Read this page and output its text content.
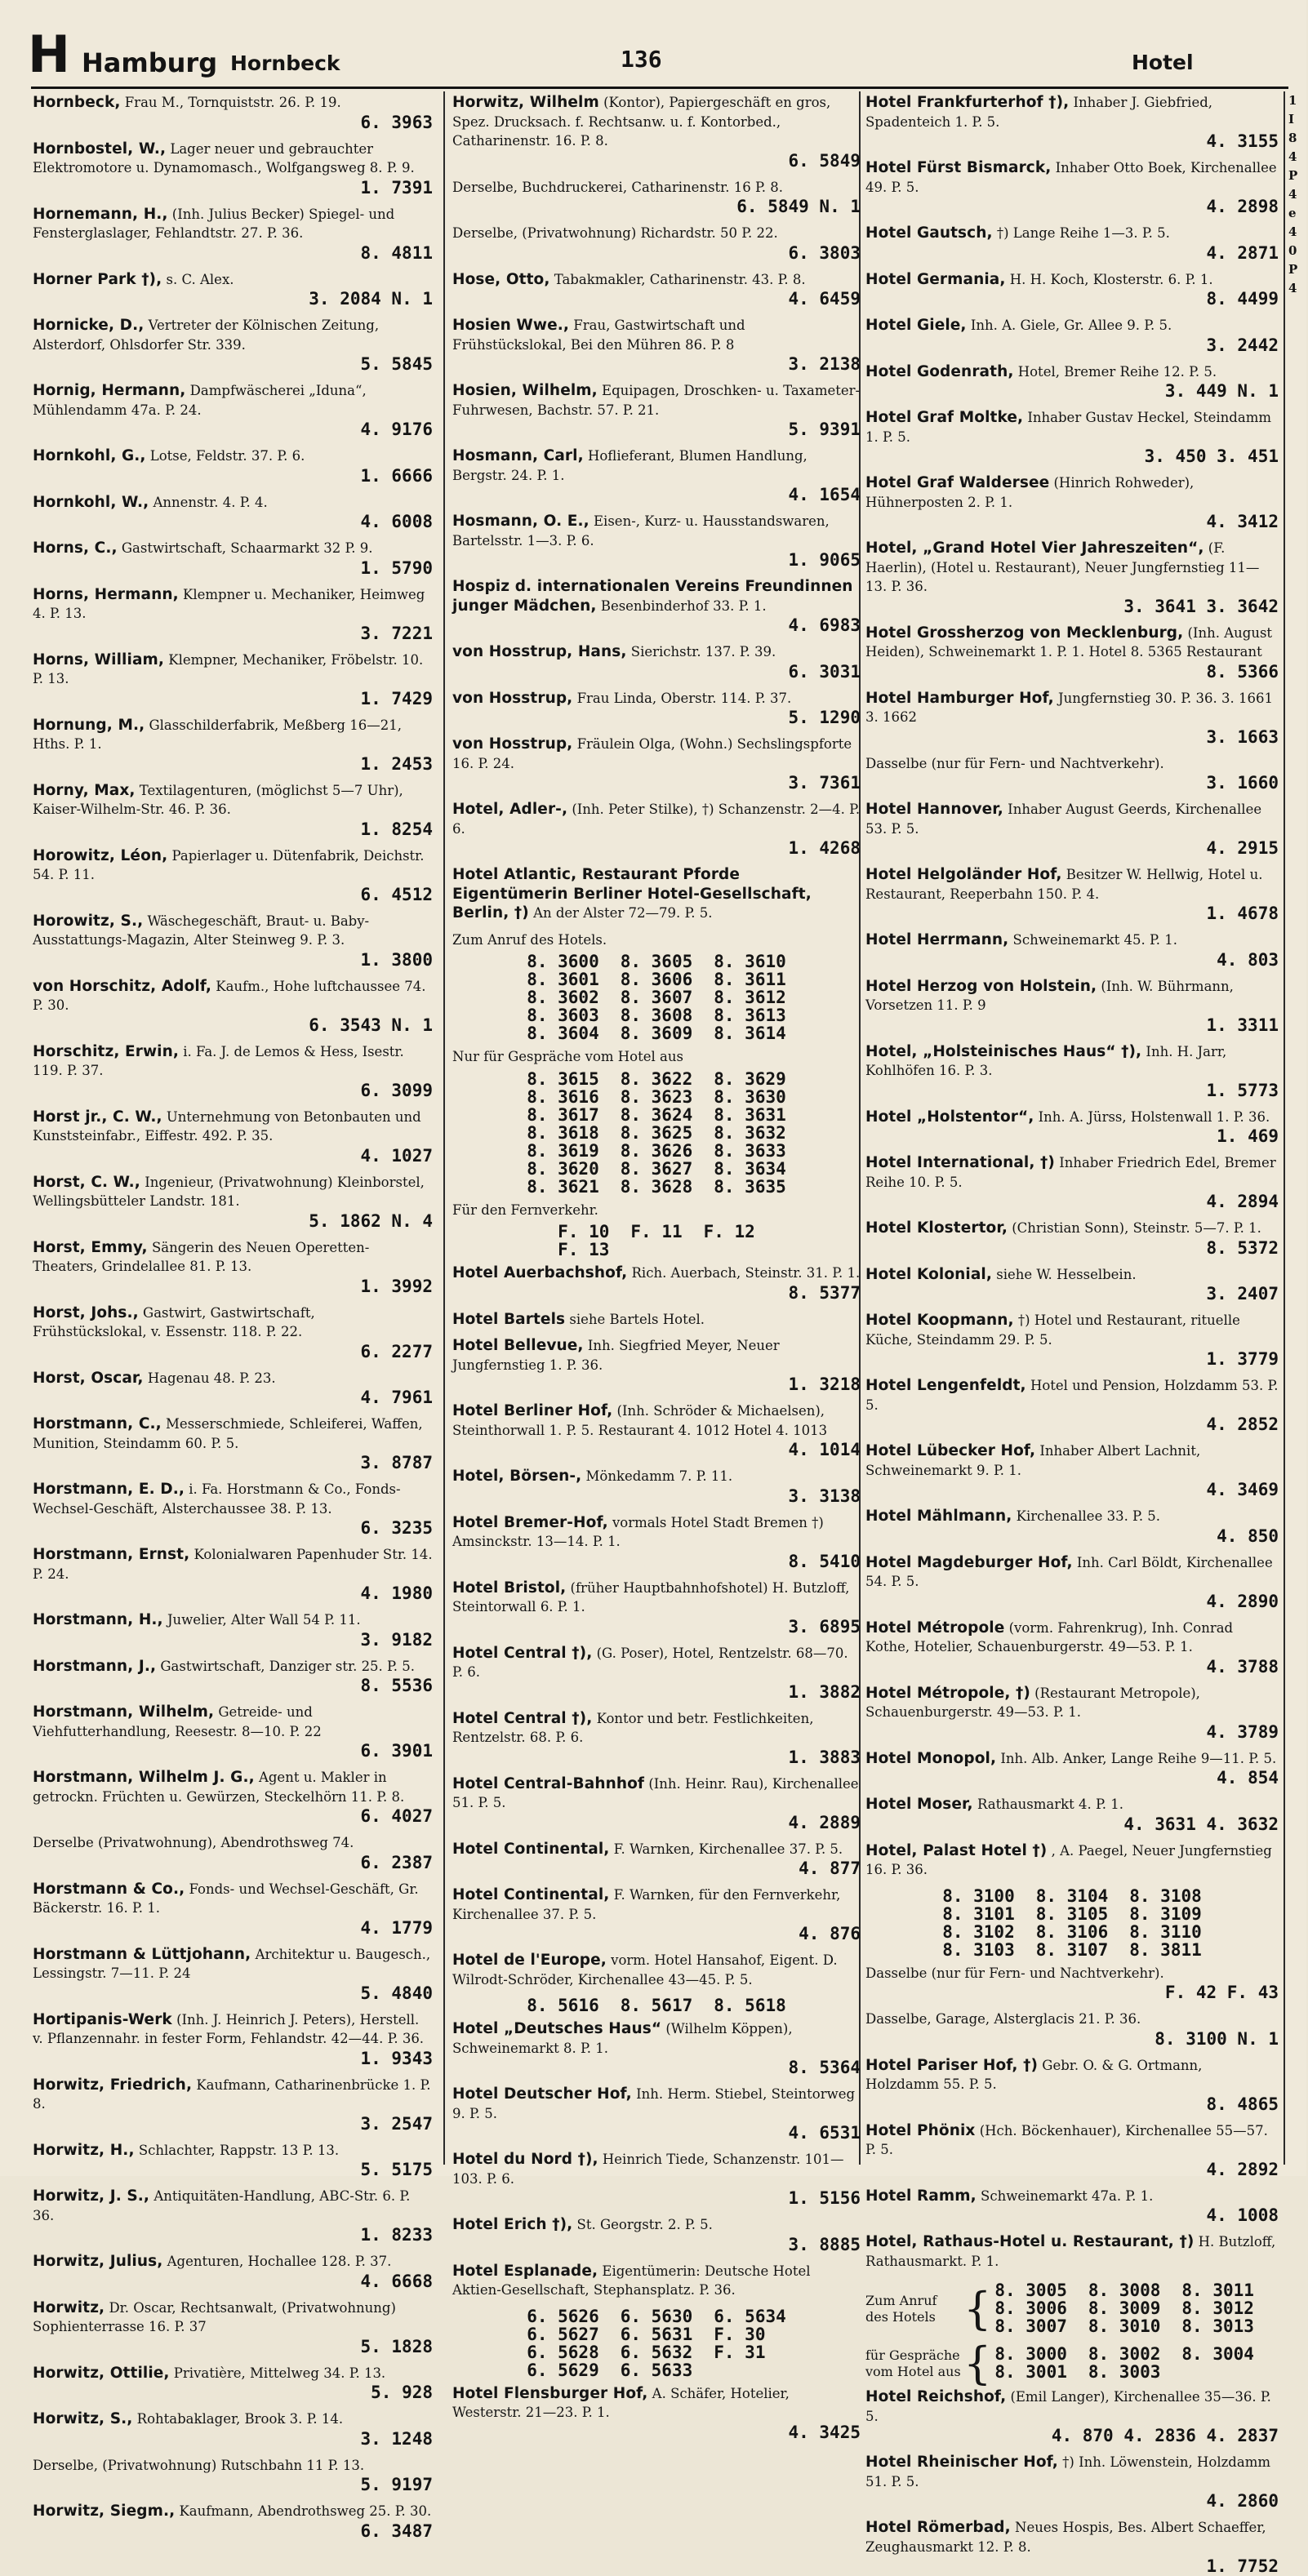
H Hamburg Hornbeck	136	Hotel

Hornbeck, Frau M., Tornquiststr. 26. P. 19.

6. 3963

Hornbostel, W., Lager neuer und gebrauchter Elektromotore u. Dynamomasch., Wolfgangsweg 8. P. 9.

1. 7391

Hornemann, H., (Inh. Julius Becker) Spiegel- und Fensterglaslager, Fehlandtstr. 27. P. 36.

8. 4811

Horner Park †), s. C. Alex.

3. 2084 N. 1

Hornicke, D., Vertreter der Kölnischen Zeitung, Alsterdorf, Ohlsdorfer Str. 339.

5. 5845

Hornig, Hermann, Dampfwäscherei „Iduna“, Mühlendamm 47a. P. 24.

4. 9176

Hornkohl, G., Lotse, Feldstr. 37. P. 6.

1. 6666

Hornkohl, W., Annenstr. 4. P. 4.

4. 6008

Horns, C., Gastwirtschaft, Schaarmarkt 32 P. 9.

1. 5790

Horns, Hermann, Klempner u. Mechaniker, Heimweg 4. P. 13.

3. 7221

Horns, William, Klempner, Mechaniker, Fröbelstr. 10. P. 13.

1. 7429

Hornung, M., Glasschilderfabrik, Meßberg 16—21, Hths. P. 1.

1. 2453

Horny, Max, Textilagenturen, (möglichst 5—7 Uhr), Kaiser-Wilhelm-Str. 46. P. 36.

1. 8254

Horowitz, Léon, Papierlager u. Dütenfabrik, Deichstr. 54. P. 11.

6. 4512

Horowitz, S., Wäschegeschäft, Braut- u. Baby-Ausstattungs-Magazin, Alter Steinweg 9. P. 3.

1. 3800

von Horschitz, Adolf, Kaufm., Hohe luftchaussee 74. P. 30.

6. 3543 N. 1

Horschitz, Erwin, i. Fa. J. de Lemos & Hess, Isestr. 119. P. 37.

6. 3099

Horst jr., C. W., Unternehmung von Betonbauten und Kunststeinfabr., Eiffestr. 492. P. 35.

4. 1027

Horst, C. W., Ingenieur, (Privatwohnung) Kleinborstel, Wellingsbütteler Landstr. 181.

5. 1862 N. 4

Horst, Emmy, Sängerin des Neuen Operetten-Theaters, Grindelallee 81. P. 13.

1. 3992

Horst, Johs., Gastwirt, Gastwirtschaft, Frühstückslokal, v. Essenstr. 118. P. 22.

6. 2277

Horst, Oscar, Hagenau 48. P. 23.

4. 7961

Horstmann, C., Messerschmiede, Schleiferei, Waffen, Munition, Steindamm 60. P. 5.

3. 8787

Horstmann, E. D., i. Fa. Horstmann & Co., Fonds-Wechsel-Geschäft, Alsterchaussee 38. P. 13.

6. 3235

Horstmann, Ernst, Kolonialwaren Papenhuder Str. 14. P. 24.

4. 1980

Horstmann, H., Juwelier, Alter Wall 54 P. 11.

3. 9182

Horstmann, J., Gastwirtschaft, Danziger str. 25. P. 5.

8. 5536

Horstmann, Wilhelm, Getreide- und Viehfutterhandlung, Reesestr. 8—10. P. 22

6. 3901

Horstmann, Wilhelm J. G., Agent u. Makler in getrockn. Früchten u. Gewürzen, Steckelhörn 11. P. 8.

6. 4027

Derselbe (Privatwohnung), Abendrothsweg 74.

6. 2387

Horstmann & Co., Fonds- und Wechsel-Geschäft, Gr. Bäckerstr. 16. P. 1.

4. 1779

Horstmann & Lüttjohann, Architektur u. Baugesch., Lessingstr. 7—11. P. 24

5. 4840

Hortipanis-Werk (Inh. J. Heinrich J. Peters), Herstell. v. Pflanzennahr. in fester Form, Fehlandstr. 42—44. P. 36.

1. 9343

Horwitz, Friedrich, Kaufmann, Catharinenbrücke 1. P. 8.

3. 2547

Horwitz, H., Schlachter, Rappstr. 13 P. 13.

5. 5175

Horwitz, J. S., Antiquitäten-Handlung, ABC-Str. 6. P. 36.

1. 8233

Horwitz, Julius, Agenturen, Hochallee 128. P. 37.

4. 6668

Horwitz, Dr. Oscar, Rechtsanwalt, (Privatwohnung) Sophienterrasse 16. P. 37

5. 1828

Horwitz, Ottilie, Privatière, Mittelweg 34. P. 13.

5. 928

Horwitz, S., Rohtabaklager, Brook 3. P. 14.

3. 1248

Derselbe, (Privatwohnung) Rutschbahn 11 P. 13.

5. 9197

Horwitz, Siegm., Kaufmann, Abendrothsweg 25. P. 30.

6. 3487

Horwitz, Wilhelm (Kontor), Papiergeschäft en gros, Spez. Drucksach. f. Rechtsanw. u. f. Kontorbed., Catharinenstr. 16. P. 8.

6. 5849

Derselbe, Buchdruckerei, Catharinenstr. 16 P. 8.

6. 5849 N. 1

Derselbe, (Privatwohnung) Richardstr. 50 P. 22.

6. 3803

Hose, Otto, Tabakmakler, Catharinenstr. 43. P. 8.

4. 6459

Hosien Wwe., Frau, Gastwirtschaft und Frühstückslokal, Bei den Mühren 86. P. 8

3. 2138

Hosien, Wilhelm, Equipagen, Droschken- u. Taxameter-Fuhrwesen, Bachstr. 57. P. 21.

5. 9391

Hosmann, Carl, Hoflieferant, Blumen Handlung, Bergstr. 24. P. 1.

4. 1654

Hosmann, O. E., Eisen-, Kurz- u. Hausstandswaren, Bartelsstr. 1—3. P. 6.

1. 9065

Hospiz d. internationalen Vereins Freundinnen junger Mädchen, Besenbinderhof 33. P. 1.

4. 6983

von Hosstrup, Hans, Sierichstr. 137. P. 39.

6. 3031

von Hosstrup, Frau Linda, Oberstr. 114. P. 37.

5. 1290

von Hosstrup, Fräulein Olga, (Wohn.) Sechslingspforte 16. P. 24.

3. 7361

Hotel, Adler-, (Inh. Peter Stilke), †) Schanzenstr. 2—4. P. 6.

1. 4268

Hotel Atlantic, Restaurant Pforde Eigentümerin Berliner Hotel-Gesellschaft, Berlin, †) An der Alster 72—79. P. 5.

Zum Anruf des Hotels.
8. 3600 8. 3605 8. 3610
8. 3601 8. 3606 8. 3611
8. 3602 8. 3607 8. 3612
8. 3603 8. 3608 8. 3613
8. 3604 8. 3609 8. 3614
Nur für Gespräche vom Hotel aus
8. 3615 8. 3622 8. 3629
8. 3616 8. 3623 8. 3630
8. 3617 8. 3624 8. 3631
8. 3618 8. 3625 8. 3632
8. 3619 8. 3626 8. 3633
8. 3620 8. 3627 8. 3634
8. 3621 8. 3628 8. 3635
Für den Fernverkehr.
F. 10 F. 11 F. 12
F. 13

Hotel Auerbachshof, Rich. Auerbach, Steinstr. 31. P. 1.

8. 5377

Hotel Bartels siehe Bartels Hotel.

Hotel Bellevue, Inh. Siegfried Meyer, Neuer Jungfernstieg 1. P. 36.

1. 3218

Hotel Berliner Hof, (Inh. Schröder & Michaelsen), Steinthorwall 1. P. 5. Restaurant 4. 1012 Hotel 4. 1013

4. 1014

Hotel, Börsen-, Mönkedamm 7. P. 11.

3. 3138

Hotel Bremer-Hof, vormals Hotel Stadt Bremen †) Amsinckstr. 13—14. P. 1.

8. 5410

Hotel Bristol, (früher Hauptbahnhofshotel) H. Butzloff, Steintorwall 6. P. 1.

3. 6895

Hotel Central †), (G. Poser), Hotel, Rentzelstr. 68—70. P. 6.

1. 3882

Hotel Central †), Kontor und betr. Festlichkeiten, Rentzelstr. 68. P. 6.

1. 3883

Hotel Central-Bahnhof (Inh. Heinr. Rau), Kirchenallee 51. P. 5.

4. 2889

Hotel Continental, F. Warnken, Kirchenallee 37. P. 5.

4. 877

Hotel Continental, F. Warnken, für den Fernverkehr, Kirchenallee 37. P. 5.

4. 876

Hotel de l'Europe, vorm. Hotel Hansahof, Eigent. D. Wilrodt-Schröder, Kirchenallee 43—45. P. 5.

8. 5616 8. 5617 8. 5618

Hotel „Deutsches Haus“ (Wilhelm Köppen), Schweinemarkt 8. P. 1.

8. 5364

Hotel Deutscher Hof, Inh. Herm. Stiebel, Steintorweg 9. P. 5.

4. 6531

Hotel du Nord †), Heinrich Tiede, Schanzenstr. 101—103. P. 6.

1. 5156

Hotel Erich †), St. Georgstr. 2. P. 5.

3. 8885

Hotel Esplanade, Eigentümerin: Deutsche Hotel Aktien-Gesellschaft, Stephansplatz. P. 36.

6. 5626 6. 5630 6. 5634
6. 5627 6. 5631 F. 30
6. 5628 6. 5632 F. 31
6. 5629 6. 5633

Hotel Flensburger Hof, A. Schäfer, Hotelier, Westerstr. 21—23. P. 1.

4. 3425

Hotel Frankfurterhof †), Inhaber J. Giebfried, Spadenteich 1. P. 5.

4. 3155

Hotel Fürst Bismarck, Inhaber Otto Boek, Kirchenallee 49. P. 5.

4. 2898

Hotel Gautsch, †) Lange Reihe 1—3. P. 5.

4. 2871

Hotel Germania, H. H. Koch, Klosterstr. 6. P. 1.

8. 4499

Hotel Giele, Inh. A. Giele, Gr. Allee 9. P. 5.

3. 2442

Hotel Godenrath, Hotel, Bremer Reihe 12. P. 5.

3. 449 N. 1

Hotel Graf Moltke, Inhaber Gustav Heckel, Steindamm 1. P. 5.

3. 450 3. 451

Hotel Graf Waldersee (Hinrich Rohweder), Hühnerposten 2. P. 1.

4. 3412

Hotel, „Grand Hotel Vier Jahreszeiten“, (F. Haerlin), (Hotel u. Restaurant), Neuer Jungfernstieg 11—13. P. 36.

3. 3641 3. 3642

Hotel Grossherzog von Mecklenburg, (Inh. August Heiden), Schweinemarkt 1. P. 1. Hotel 8. 5365 Restaurant

8. 5366

Hotel Hamburger Hof, Jungfernstieg 30. P. 36. 3. 1661 3. 1662

3. 1663

Dasselbe (nur für Fern- und Nachtverkehr).

3. 1660

Hotel Hannover, Inhaber August Geerds, Kirchenallee 53. P. 5.

4. 2915

Hotel Helgoländer Hof, Besitzer W. Hellwig, Hotel u. Restaurant, Reeperbahn 150. P. 4.

1. 4678

Hotel Herrmann, Schweinemarkt 45. P. 1.

4. 803

Hotel Herzog von Holstein, (Inh. W. Bührmann, Vorsetzen 11. P. 9

1. 3311

Hotel, „Holsteinisches Haus“ †), Inh. H. Jarr, Kohlhöfen 16. P. 3.

1. 5773

Hotel „Holstentor“, Inh. A. Jürss, Holstenwall 1. P. 36.

1. 469

Hotel International, †) Inhaber Friedrich Edel, Bremer Reihe 10. P. 5.

4. 2894

Hotel Klostertor, (Christian Sonn), Steinstr. 5—7. P. 1.

8. 5372

Hotel Kolonial, siehe W. Hesselbein.

3. 2407

Hotel Koopmann, †) Hotel und Restaurant, rituelle Küche, Steindamm 29. P. 5.

1. 3779

Hotel Lengenfeldt, Hotel und Pension, Holzdamm 53. P. 5.

4. 2852

Hotel Lübecker Hof, Inhaber Albert Lachnit, Schweinemarkt 9. P. 1.

4. 3469

Hotel Mählmann, Kirchenallee 33. P. 5.

4. 850

Hotel Magdeburger Hof, Inh. Carl Böldt, Kirchenallee 54. P. 5.

4. 2890

Hotel Métropole (vorm. Fahrenkrug), Inh. Conrad Kothe, Hotelier, Schauenburgerstr. 49—53. P. 1.

4. 3788

Hotel Métropole, †) (Restaurant Metropole), Schauenburgerstr. 49—53. P. 1.

4. 3789

Hotel Monopol, Inh. Alb. Anker, Lange Reihe 9—11. P. 5.

4. 854

Hotel Moser, Rathausmarkt 4. P. 1.

4. 3631 4. 3632

Hotel, Palast Hotel †) , A. Paegel, Neuer Jungfernstieg 16. P. 36.

8. 3100 8. 3104 8. 3108
8. 3101 8. 3105 8. 3109
8. 3102 8. 3106 8. 3110
8. 3103 8. 3107 8. 3811

Dasselbe (nur für Fern- und Nachtverkehr).

F. 42 F. 43

Dasselbe, Garage, Alsterglacis 21. P. 36.

8. 3100 N. 1

Hotel Pariser Hof, †) Gebr. O. & G. Ortmann, Holzdamm 55. P. 5.

8. 4865

Hotel Phönix (Hch. Böckenhauer), Kirchenallee 55—57. P. 5.

4. 2892

Hotel Ramm, Schweinemarkt 47a. P. 1.

4. 1008

Hotel, Rathaus-Hotel u. Restaurant, †) H. Butzloff, Rathausmarkt. P. 1.

Zum Anruf des Hotels { 8. 3005 8. 3008 8. 3011
8. 3006 8. 3009 8. 3012
8. 3007 8. 3010 8. 3013
für Gespräche vom Hotel aus { 8. 3000 8. 3002 8. 3004
8. 3001 8. 3003

Hotel Reichshof, (Emil Langer), Kirchenallee 35—36. P. 5.

4. 870 4. 2836 4. 2837

Hotel Rheinischer Hof, †) Inh. Löwenstein, Holzdamm 51. P. 5.

4. 2860

Hotel Römerbad, Neues Hospis, Bes. Albert Schaeffer, Zeughausmarkt 12. P. 8.

1. 7752
1
I
8
4
P
4
e
4
0
P
4
